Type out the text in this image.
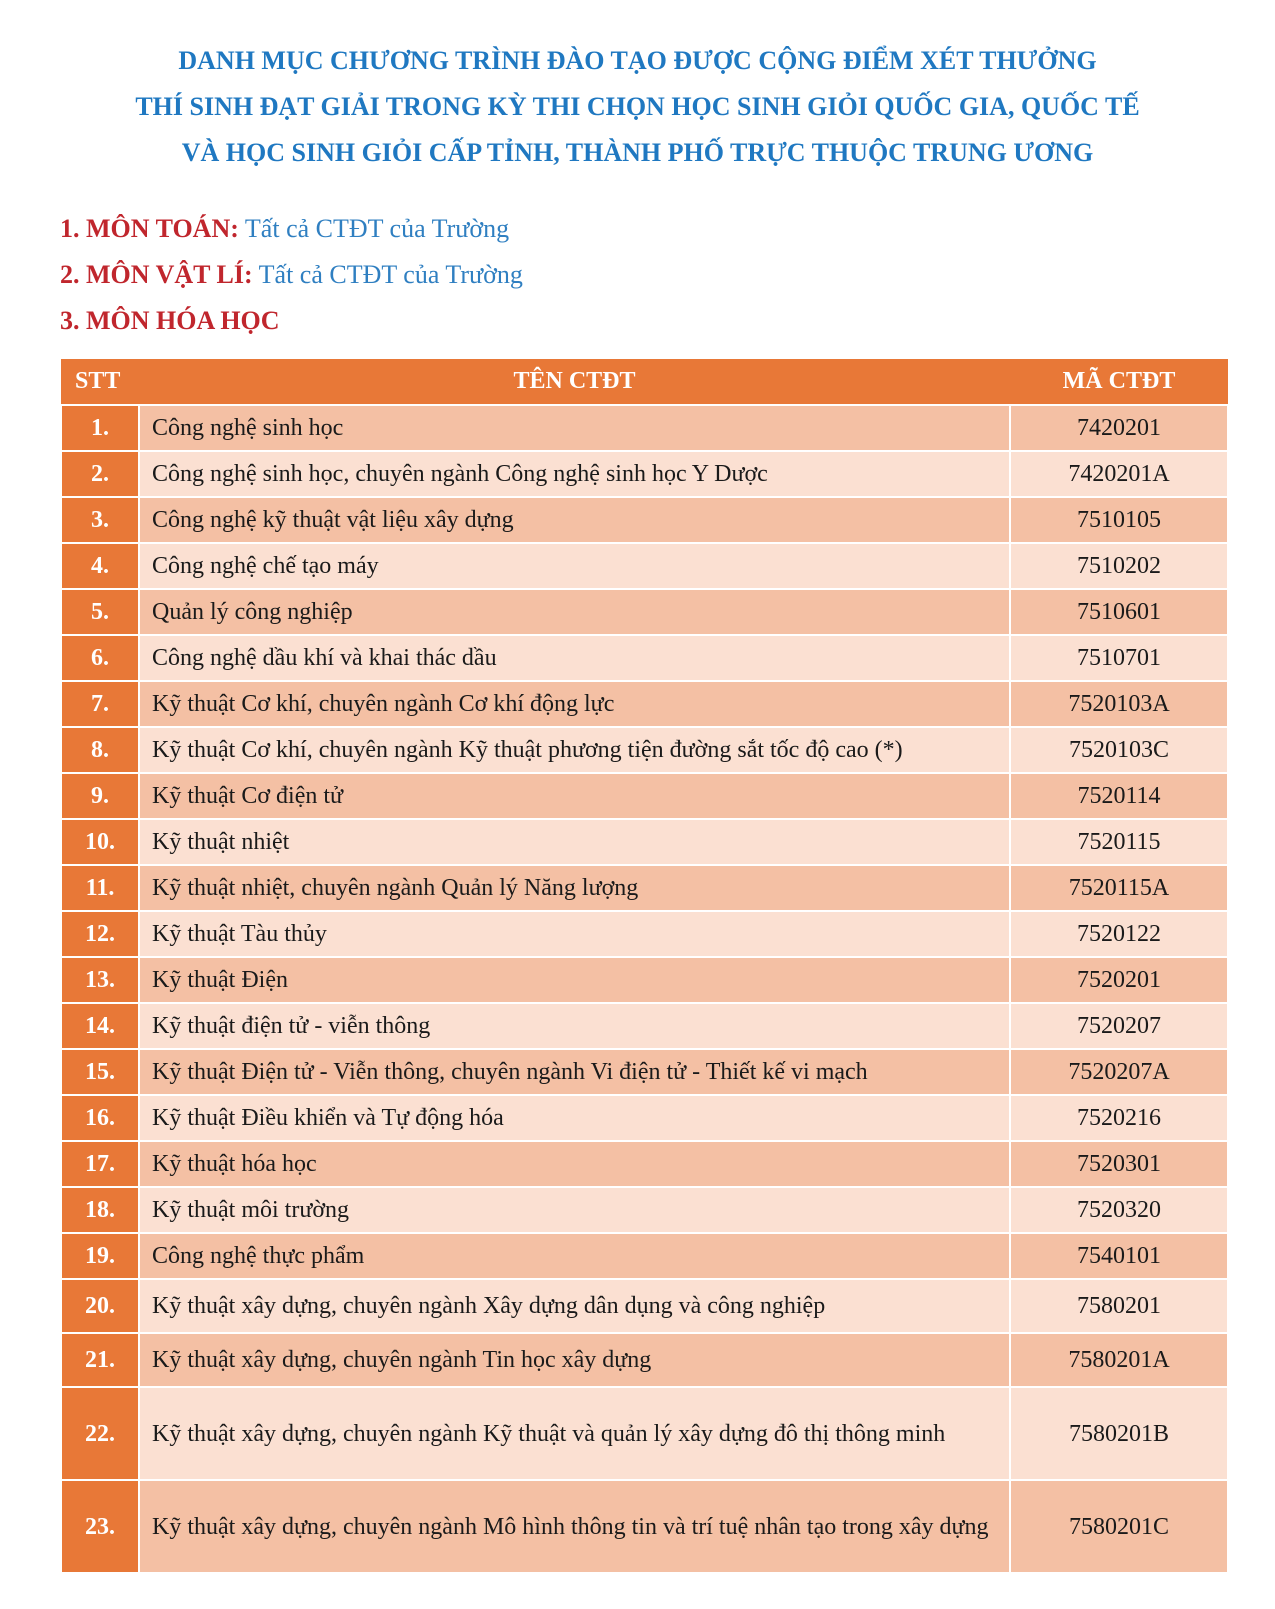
DANH MỤC CHƯƠNG TRÌNH ĐÀO TẠO ĐƯỢC CỘNG ĐIỂM XÉT THƯỞNG
THÍ SINH ĐẠT GIẢI TRONG KỲ THI CHỌN HỌC SINH GIỎI QUỐC GIA, QUỐC TẾ
VÀ HỌC SINH GIỎI CẤP TỈNH, THÀNH PHỐ TRỰC THUỘC TRUNG ƯƠNG
1. MÔN TOÁN: Tất cả CTĐT của Trường
2. MÔN VẬT LÍ: Tất cả CTĐT của Trường
3. MÔN HÓA HỌC
STT	TÊN CTĐT	MÃ CTĐT
1.	Công nghệ sinh học	7420201
2.	Công nghệ sinh học, chuyên ngành Công nghệ sinh học Y Dược	7420201A
3.	Công nghệ kỹ thuật vật liệu xây dựng	7510105
4.	Công nghệ chế tạo máy	7510202
5.	Quản lý công nghiệp	7510601
6.	Công nghệ dầu khí và khai thác dầu	7510701
7.	Kỹ thuật Cơ khí, chuyên ngành Cơ khí động lực	7520103A
8.	Kỹ thuật Cơ khí, chuyên ngành Kỹ thuật phương tiện đường sắt tốc độ cao (*)	7520103C
9.	Kỹ thuật Cơ điện tử	7520114
10.	Kỹ thuật nhiệt	7520115
11.	Kỹ thuật nhiệt, chuyên ngành Quản lý Năng lượng	7520115A
12.	Kỹ thuật Tàu thủy	7520122
13.	Kỹ thuật Điện	7520201
14.	Kỹ thuật điện tử - viễn thông	7520207
15.	Kỹ thuật Điện tử - Viễn thông, chuyên ngành Vi điện tử - Thiết kế vi mạch	7520207A
16.	Kỹ thuật Điều khiển và Tự động hóa	7520216
17.	Kỹ thuật hóa học	7520301
18.	Kỹ thuật môi trường	7520320
19.	Công nghệ thực phẩm	7540101
20.	Kỹ thuật xây dựng, chuyên ngành Xây dựng dân dụng và công nghiệp	7580201
21.	Kỹ thuật xây dựng, chuyên ngành Tin học xây dựng	7580201A
22.	Kỹ thuật xây dựng, chuyên ngành Kỹ thuật và quản lý xây dựng đô thị thông minh	7580201B
23.	Kỹ thuật xây dựng, chuyên ngành Mô hình thông tin và trí tuệ nhân tạo trong xây dựng	7580201C
